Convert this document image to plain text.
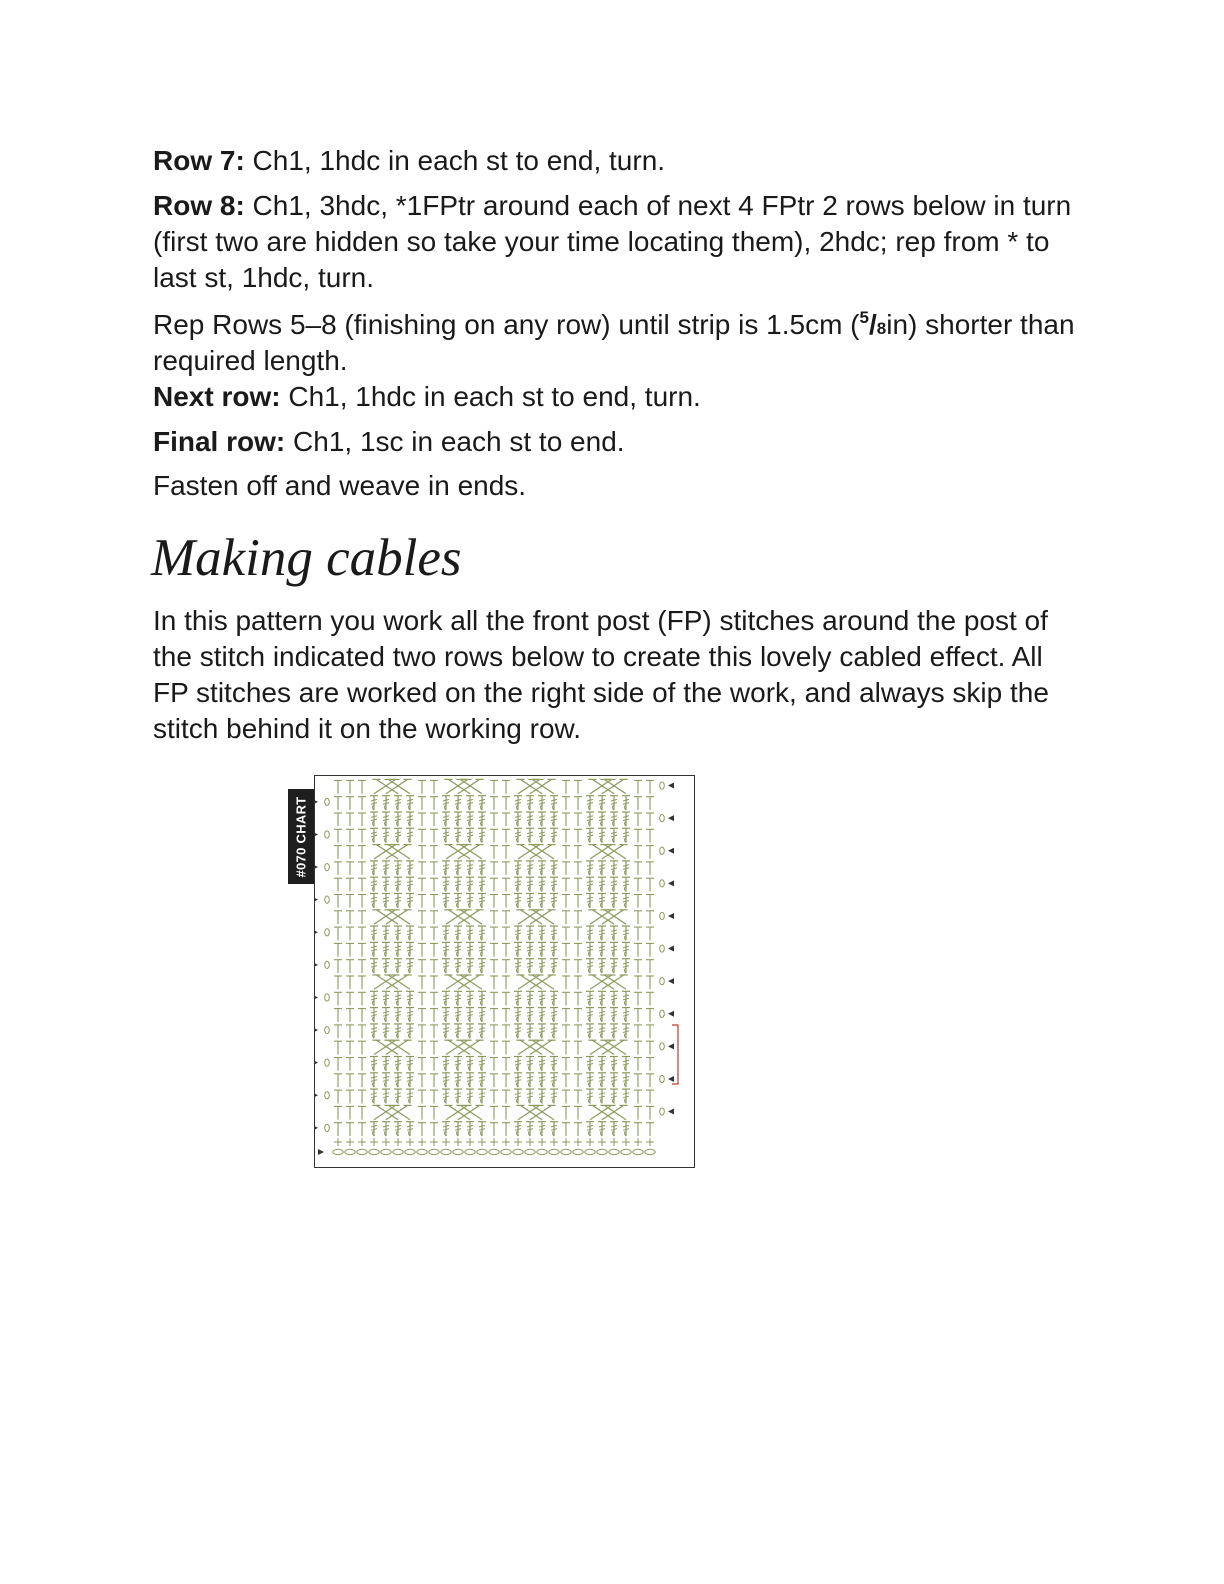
Row 7: Ch1, 1hdc in each st to end, turn.

Row 8: Ch1, 3hdc, *1FPtr around each of next 4 FPtr 2 rows below in turn (first two are hidden so take your time locating them), 2hdc; rep from * to last st, 1hdc, turn.

Rep Rows 5–8 (finishing on any row) until strip is 1.5cm ($^5$/8in) shorter than required length.

Next row: Ch1, 1hdc in each st to end, turn.

Final row: Ch1, 1sc in each st to end.

Fasten off and weave in ends.

Making cables

In this pattern you work all the front post (FP) stitches around the post of the stitch indicated two rows below to create this lovely cabled effect. All FP stitches are worked on the right side of the work, and always skip the stitch behind it on the working row.

#070 CHART
